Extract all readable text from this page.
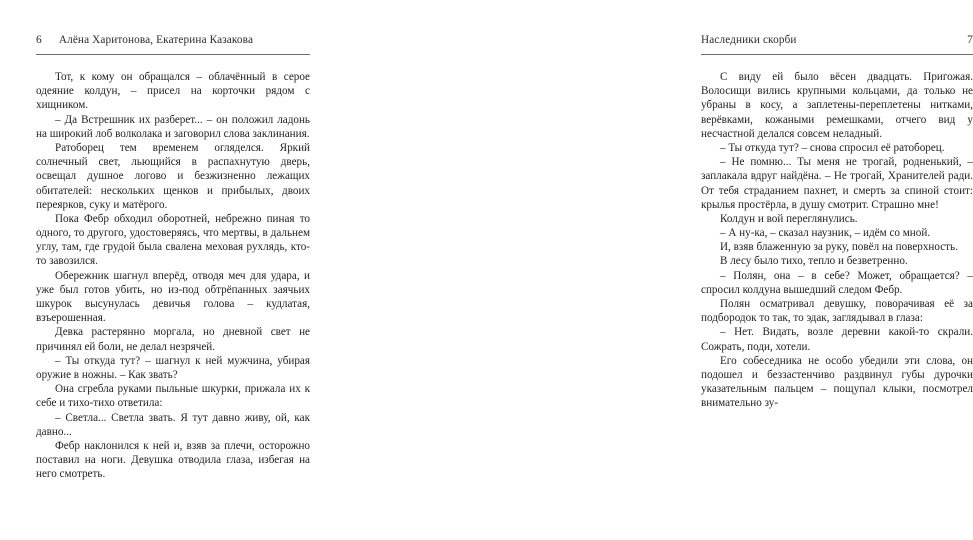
6 Алёна Харитонова, Екатерина Казакова

Тот, к кому он обращался – облачённый в серое одеяние колдун, – присел на корточки рядом с хищником.

– Да Встрешник их разберет... – он положил ладонь на широкий лоб волколака и заговорил слова заклинания.

Ратоборец тем временем огляделся. Яркий солнечный свет, льющийся в распахнутую дверь, освещал душное логово и безжизненно лежащих обитателей: нескольких щенков и прибылых, двоих переярков, суку и матёрого.

Пока Фебр обходил оборотней, небрежно пиная то одного, то другого, удостоверяясь, что мертвы, в дальнем углу, там, где грудой была свалена меховая рухлядь, кто-то завозился.

Обережник шагнул вперёд, отводя меч для удара, и уже был готов убить, но из-под обтрёпанных заячьих шкурок высунулась девичья голова – кудлатая, взъерошенная.

Девка растерянно моргала, но дневной свет не причинял ей боли, не делал незрячей.

– Ты откуда тут? – шагнул к ней мужчина, убирая оружие в ножны. – Как звать?

Она сгребла руками пыльные шкурки, прижала их к себе и тихо-тихо ответила:

– Светла... Светла звать. Я тут давно живу, ой, как давно...

Фебр наклонился к ней и, взяв за плечи, осторожно поставил на ноги. Девушка отводила глаза, избегая на него смотреть.

Наследники скорби	7

С виду ей было вёсен двадцать. Пригожая. Волосищи вились крупными кольцами, да только не убраны в косу, а заплетены-переплетены нитками, верёвками, кожаными ремешками, отчего вид у несчастной делался совсем неладный.

– Ты откуда тут? – снова спросил её ратоборец.

– Не помню... Ты меня не трогай, родненький, – заплакала вдруг найдёна. – Не трогай, Хранителей ради. От тебя страданием пахнет, и смерть за спиной стоит: крылья простёрла, в душу смотрит. Страшно мне!

Колдун и вой переглянулись.

– А ну-ка, – сказал наузник, – идём со мной.

И, взяв блаженную за руку, повёл на поверхность.

В лесу было тихо, тепло и безветренно.

– Полян, она – в себе? Может, обращается? – спросил колдуна вышедший следом Фебр.

Полян осматривал девушку, поворачивая её за подбородок то так, то эдак, заглядывал в глаза:

– Нет. Видать, возле деревни какой-то скрали. Сожрать, поди, хотели.

Его собеседника не особо убедили эти слова, он подошел и беззастенчиво раздвинул губы дурочки указательным пальцем – пощупал клыки, посмотрел внимательно зу-
